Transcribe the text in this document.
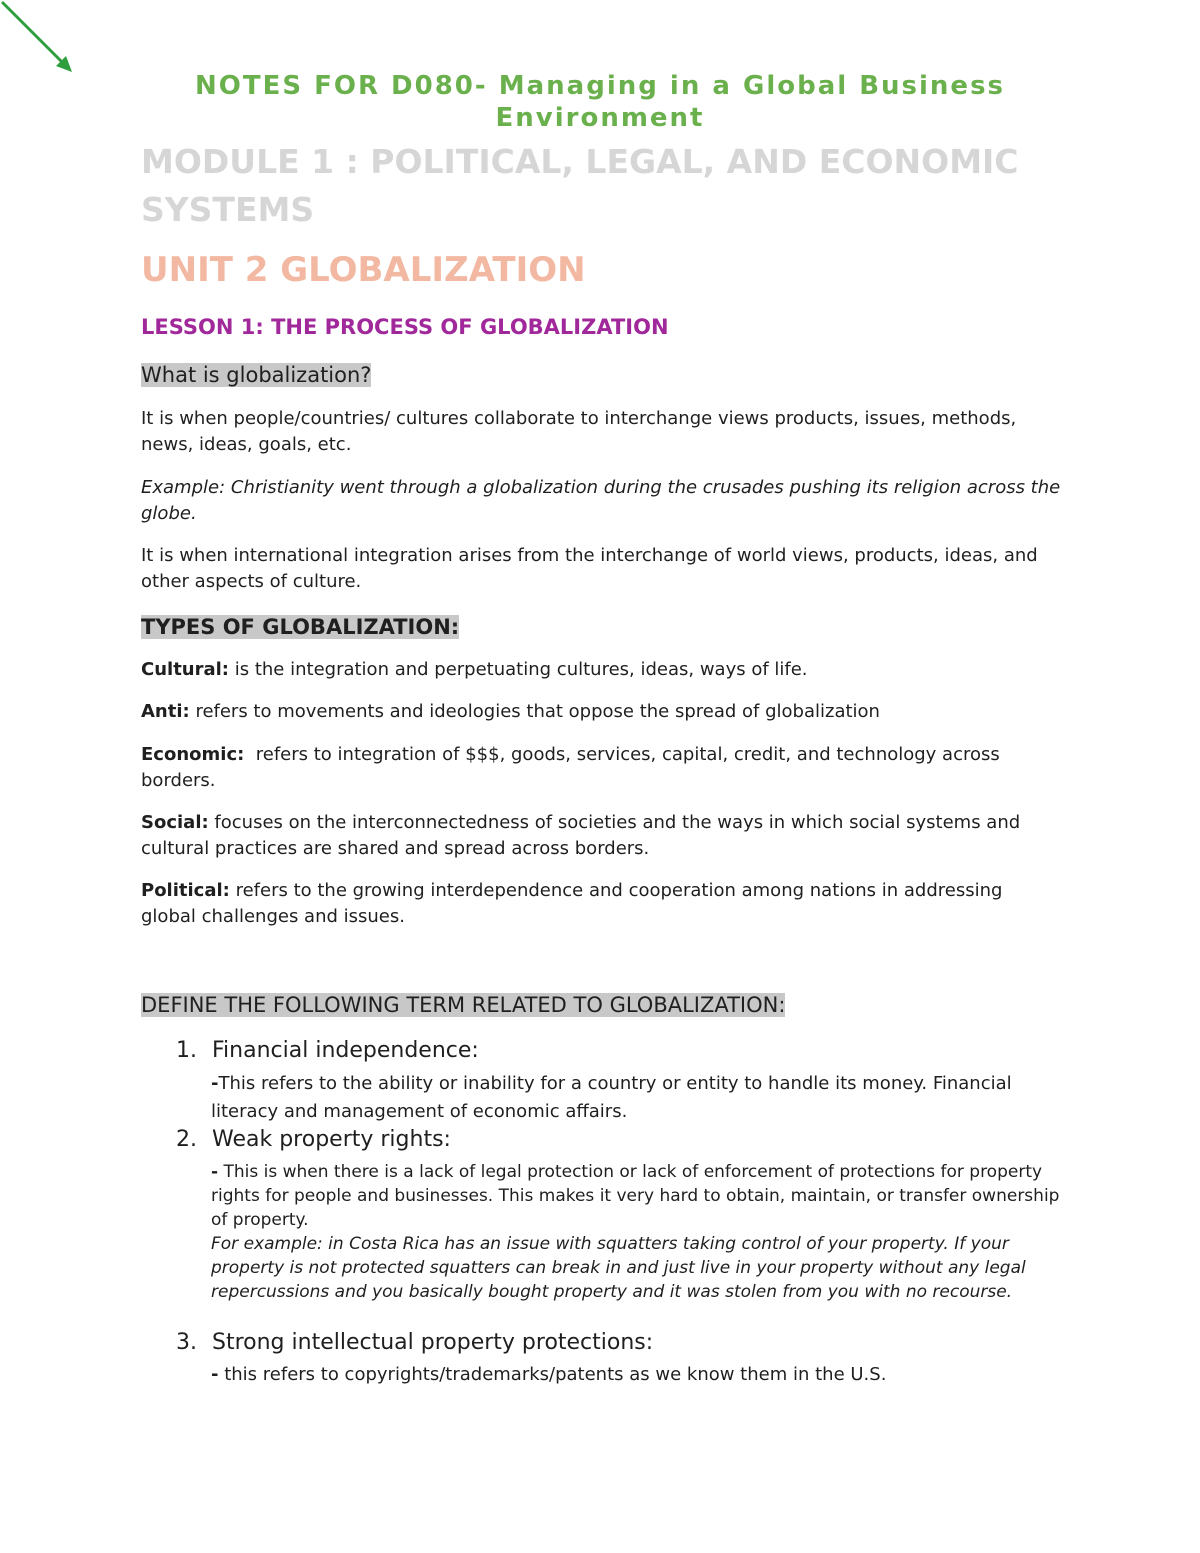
NOTES FOR D080- Managing in a Global Business Environment
MODULE 1 : POLITICAL, LEGAL, AND ECONOMIC SYSTEMS
UNIT 2 GLOBALIZATION
LESSON 1: THE PROCESS OF GLOBALIZATION
What is globalization?
It is when people/countries/ cultures collaborate to interchange views products, issues, methods, news, ideas, goals, etc.
Example: Christianity went through a globalization during the crusades pushing its religion across the globe.
It is when international integration arises from the interchange of world views, products, ideas, and other aspects of culture.
TYPES OF GLOBALIZATION:
Cultural: is the integration and perpetuating cultures, ideas, ways of life.
Anti: refers to movements and ideologies that oppose the spread of globalization
Economic:  refers to integration of $$$, goods, services, capital, credit, and technology across borders.
Social: focuses on the interconnectedness of societies and the ways in which social systems and cultural practices are shared and spread across borders.
Political: refers to the growing interdependence and cooperation among nations in addressing global challenges and issues.
DEFINE THE FOLLOWING TERM RELATED TO GLOBALIZATION:
1. Financial independence:
-This refers to the ability or inability for a country or entity to handle its money. Financial literacy and management of economic affairs.
2. Weak property rights:
- This is when there is a lack of legal protection or lack of enforcement of protections for property rights for people and businesses. This makes it very hard to obtain, maintain, or transfer ownership of property.
For example: in Costa Rica has an issue with squatters taking control of your property. If your property is not protected squatters can break in and just live in your property without any legal repercussions and you basically bought property and it was stolen from you with no recourse.
3. Strong intellectual property protections:
- this refers to copyrights/trademarks/patents as we know them in the U.S.
